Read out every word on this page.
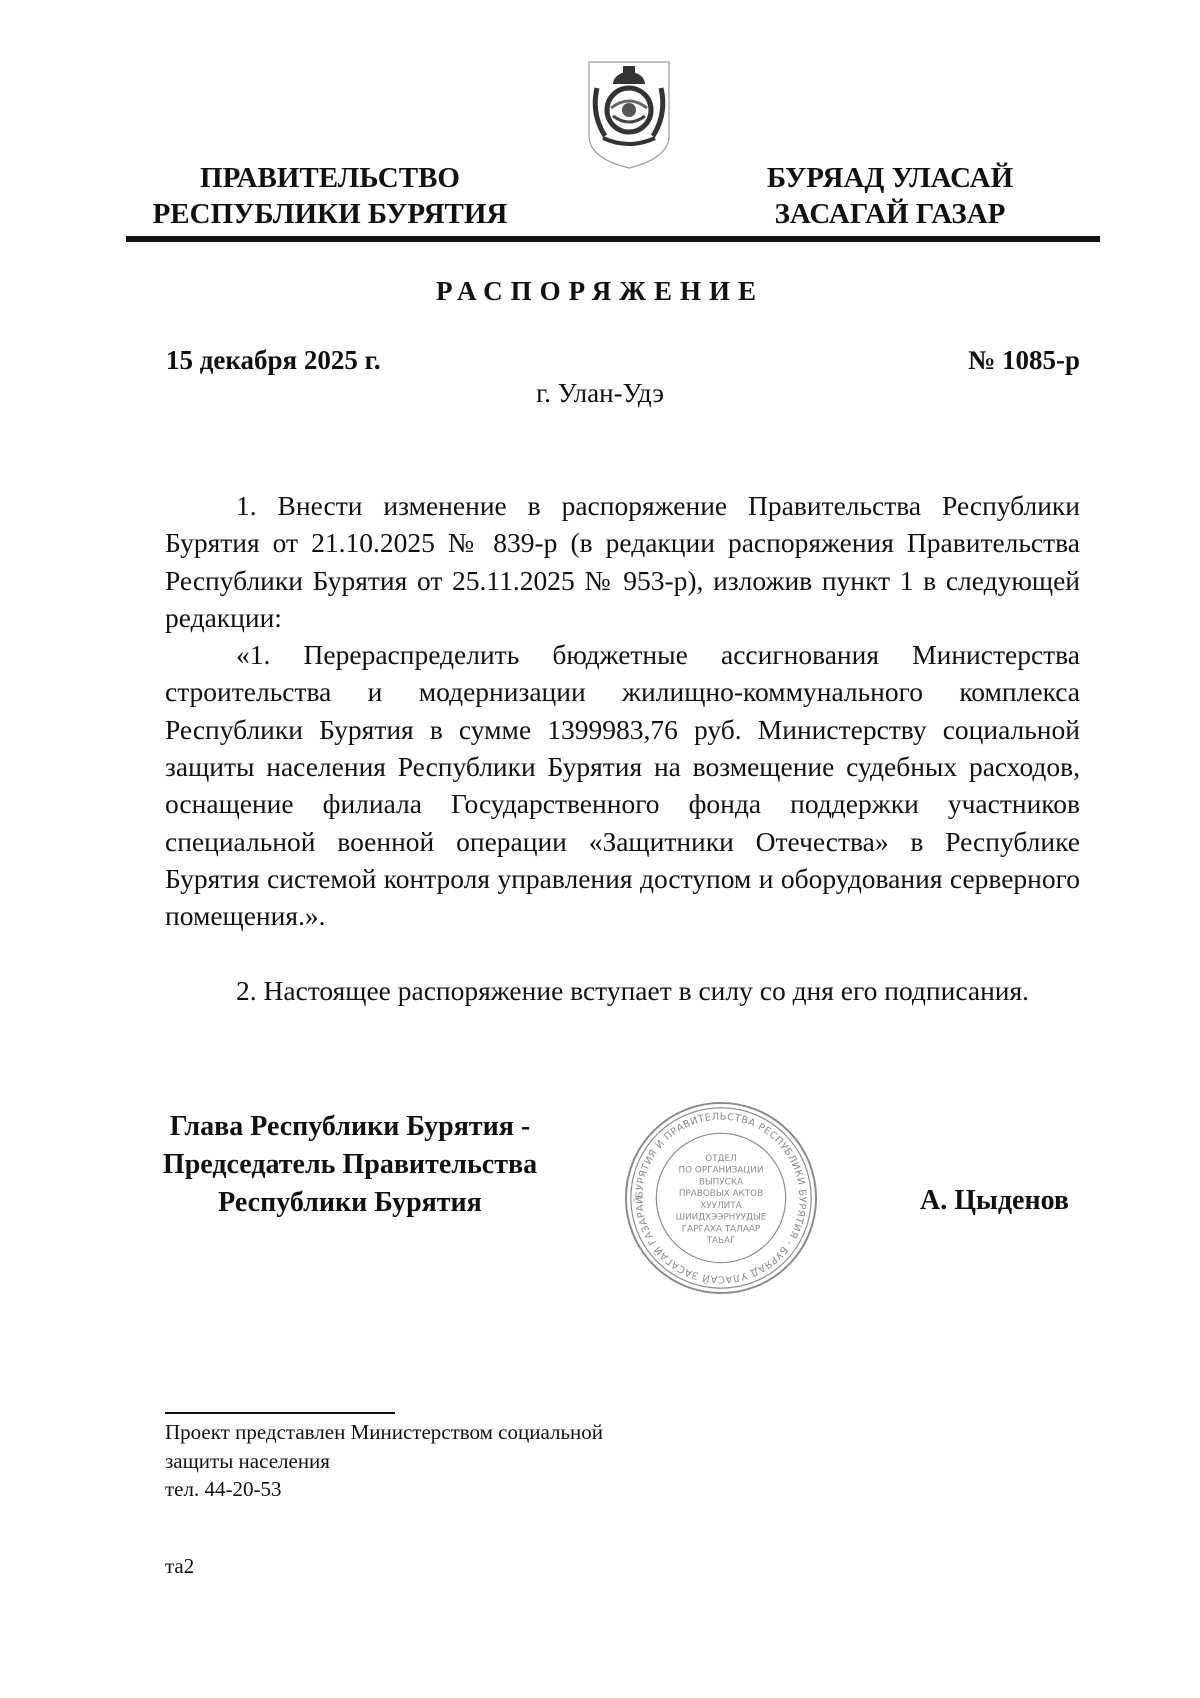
ПРАВИТЕЛЬСТВО
РЕСПУБЛИКИ БУРЯТИЯ
БУРЯАД УЛАСАЙ
ЗАСАГАЙ ГАЗАР
РАСПОРЯЖЕНИЕ
15 декабря 2025 г.	№ 1085-р
г. Улан-Удэ

1. Внести изменение в распоряжение Правительства Республики Бурятия от 21.10.2025 № 839-р (в редакции распоряжения Правительства Республики Бурятия от 25.11.2025 № 953-р), изложив пункт 1 в следующей редакции:

«1. Перераспределить бюджетные ассигнования Министерства строительства и модернизации жилищно-коммунального комплекса Республики Бурятия в сумме 1399983,76 руб. Министерству социальной защиты населения Республики Бурятия на возмещение судебных расходов, оснащение филиала Государственного фонда поддержки участников специальной военной операции «Защитники Отечества» в Республике Бурятия системой контроля управления доступом и оборудования серверного помещения.».

2. Настоящее распоряжение вступает в силу со дня его подписания.

Глава Республики Бурятия -
Председатель Правительства
Республики Бурятия	БУРЯТИЯ И ПРАВИТЕЛЬСТВА РЕСПУБЛИКИ БУРЯТИЯ · БУРЯАД УЛАСАЙ ЗАСАГАЙ ГАЗАРАЙ
ОТДЕЛ
ПО ОРГАНИЗАЦИИ
ВЫПУСКА
ПРАВОВЫХ АКТОВ
ХУУЛИТА
ШИИДХЭЭРНУУДЫЕ
ГАРГАХА ТАЛААР
ТАЬАГ
А. Цыденов
Проект представлен Министерством социальной
защиты населения
тел. 44-20-53
та2
